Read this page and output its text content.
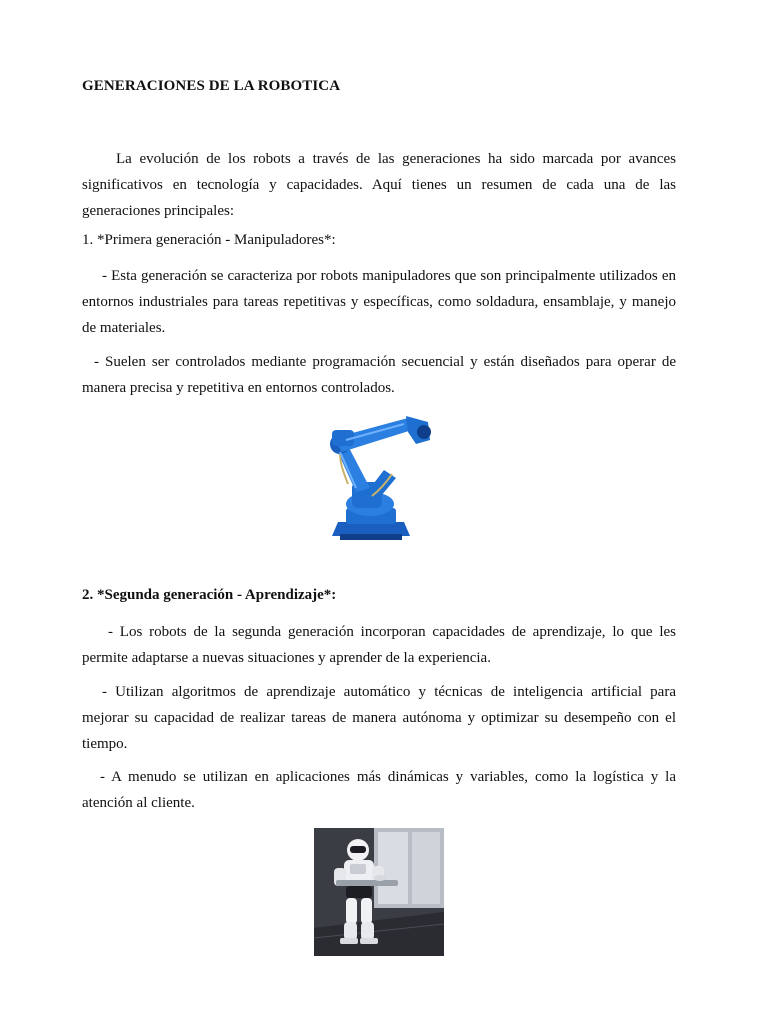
GENERACIONES DE LA ROBOTICA

La evolución de los robots a través de las generaciones ha sido marcada por avances significativos en tecnología y capacidades. Aquí tienes un resumen de cada una de las generaciones principales:

1. *Primera generación - Manipuladores*:

- Esta generación se caracteriza por robots manipuladores que son principalmente utilizados en entornos industriales para tareas repetitivas y específicas, como soldadura, ensamblaje, y manejo de materiales.

- Suelen ser controlados mediante programación secuencial y están diseñados para operar de manera precisa y repetitiva en entornos controlados.

2. *Segunda generación - Aprendizaje*:

- Los robots de la segunda generación incorporan capacidades de aprendizaje, lo que les permite adaptarse a nuevas situaciones y aprender de la experiencia.

- Utilizan algoritmos de aprendizaje automático y técnicas de inteligencia artificial para mejorar su capacidad de realizar tareas de manera autónoma y optimizar su desempeño con el tiempo.

- A menudo se utilizan en aplicaciones más dinámicas y variables, como la logística y la atención al cliente.
